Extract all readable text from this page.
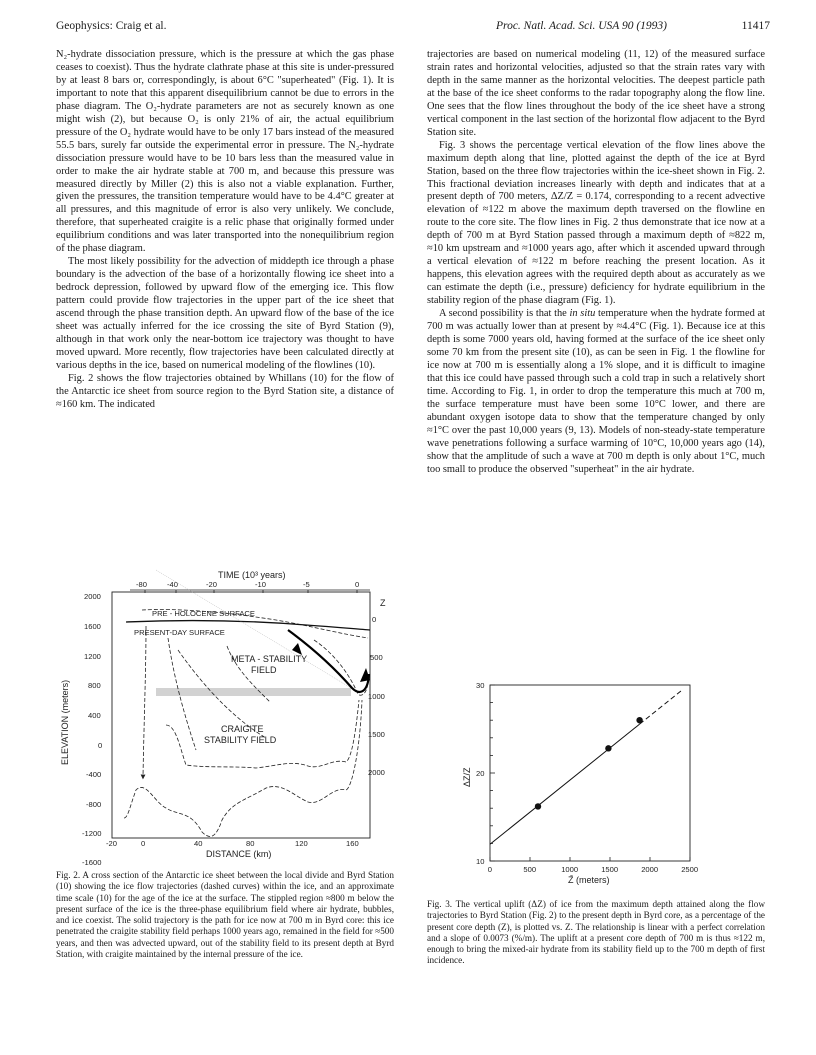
Geophysics: Craig et al.	Proc. Natl. Acad. Sci. USA 90 (1993)	11417

N₂-hydrate dissociation pressure, which is the pressure at which the gas phase ceases to coexist). Thus the hydrate clathrate phase at this site is under-pressured by at least 8 bars or, correspondingly, is about 6°C "superheated" (Fig. 1). It is important to note that this apparent disequilibrium cannot be due to errors in the phase diagram. The O₂-hydrate parameters are not as securely known as one might wish (2), but because O₂ is only 21% of air, the actual equilibrium pressure of the O₂ hydrate would have to be only 17 bars instead of the measured 55.5 bars, surely far outside the experimental error in pressure. The N₂-hydrate dissociation pressure would have to be 10 bars less than the measured value in order to make the air hydrate stable at 700 m, and because this pressure was measured directly by Miller (2) this is also not a viable explanation. Further, given the pressures, the transition temperature would have to be 4.4°C greater at all pressures, and this magnitude of error is also very unlikely. We conclude, therefore, that superheated craigite is a relic phase that originally formed under equilibrium conditions and was later transported into the nonequilibrium region of the phase diagram.

The most likely possibility for the advection of middepth ice through a phase boundary is the advection of the base of a horizontally flowing ice sheet into a bedrock depression, followed by upward flow of the emerging ice. This flow pattern could provide flow trajectories in the upper part of the ice sheet that ascend through the phase transition depth. An upward flow of the base of the ice sheet was actually inferred for the ice crossing the site of Byrd Station (9), although in that work only the near-bottom ice trajectory was thought to have moved upward. More recently, flow trajectories have been calculated directly at various depths in the ice, based on numerical modeling of the flowlines (10).

Fig. 2 shows the flow trajectories obtained by Whillans (10) for the flow of the Antarctic ice sheet from source region to the Byrd Station site, a distance of ≈160 km. The indicated

trajectories are based on numerical modeling (11, 12) of the measured surface strain rates and horizontal velocities, adjusted so that the strain rates vary with depth in the same manner as the horizontal velocities. The deepest particle path at the base of the ice sheet conforms to the radar topography along the flow line. One sees that the flow lines throughout the body of the ice sheet have a strong vertical component in the last section of the horizontal flow adjacent to the Byrd Station site.

Fig. 3 shows the percentage vertical elevation of the flow lines above the maximum depth along that line, plotted against the depth of the ice at Byrd Station, based on the three flow trajectories within the ice-sheet shown in Fig. 2. This fractional deviation increases linearly with depth and indicates that at a present depth of 700 meters, ΔZ/Z = 0.174, corresponding to a recent advective elevation of ≈122 m above the maximum depth traversed on the flowline en route to the core site. The flow lines in Fig. 2 thus demonstrate that ice now at a depth of 700 m at Byrd Station passed through a maximum depth of ≈822 m, ≈10 km upstream and ≈1000 years ago, after which it ascended upward through a vertical elevation of ≈122 m before reaching the present location. As it happens, this elevation agrees with the required depth about as accurately as we can estimate the depth (i.e., pressure) deficiency for hydrate equilibrium in the stability region of the phase diagram (Fig. 1).

A second possibility is that the in situ temperature when the hydrate formed at 700 m was actually lower than at present by ≈4.4°C (Fig. 1). Because ice at this depth is some 7000 years old, having formed at the surface of the ice sheet only some 70 km from the present site (10), as can be seen in Fig. 1 the flowline for ice now at 700 m is essentially along a 1% slope, and it is difficult to imagine that this ice could have passed through such a cold trap in such a relatively short time. According to Fig. 1, in order to drop the temperature this much at 700 m, the surface temperature must have been some 10°C lower, and there are abundant oxygen isotope data to show that the temperature changed by only ≈1°C over the past 10,000 years (9, 13). Models of non-steady-state temperature wave penetrations following a surface warming of 10°C, 10,000 years ago (14), show that the amplitude of such a wave at 700 m depth is only about 1°C, much too small to produce the observed "superheat" in the air hydrate.

TIME (10³ years)
-80	-40	-20	-10	-5	0
ELEVATION (meters)
2000
1600
1200
800
400
0
-400
-800
-1200
-1600
-20	0	40	80	120	160
DISTANCE (km)
Z
0
500
1000
1500
2000
PRE - HOLOCENE SURFACE
PRESENT-DAY SURFACE
META - STABILITY
FIELD
CRAIGITE
STABILITY FIELD
Fig. 2. A cross section of the Antarctic ice sheet between the local divide and Byrd Station (10) showing the ice flow trajectories (dashed curves) within the ice, and an approximate time scale (10) for the age of the ice at the surface. The stippled region ≈800 m below the present surface of the ice is the three-phase equilibrium field where air hydrate, bubbles, and ice coexist. The solid trajectory is the path for ice now at 700 m in Byrd core: this ice penetrated the craigite stability field perhaps 1000 years ago, remained in the field for ≈500 years, and then was advected upward, out of the stability field to its present depth at Byrd Station, with craigite maintained by the internal pressure of the ice.
10
20
30
0	500	1000	1500	2000	2500
ΔZ/Z
Z̄ (meters)
Fig. 3. The vertical uplift (ΔZ) of ice from the maximum depth attained along the flow trajectories to Byrd Station (Fig. 2) to the present depth in Byrd core, as a percentage of the present core depth (Z), is plotted vs. Z. The relationship is linear with a perfect correlation and a slope of 0.0073 (%/m). The uplift at a present core depth of 700 m is thus ≈122 m, enough to bring the mixed-air hydrate from its stability field up to the 700 m depth of first incidence.
